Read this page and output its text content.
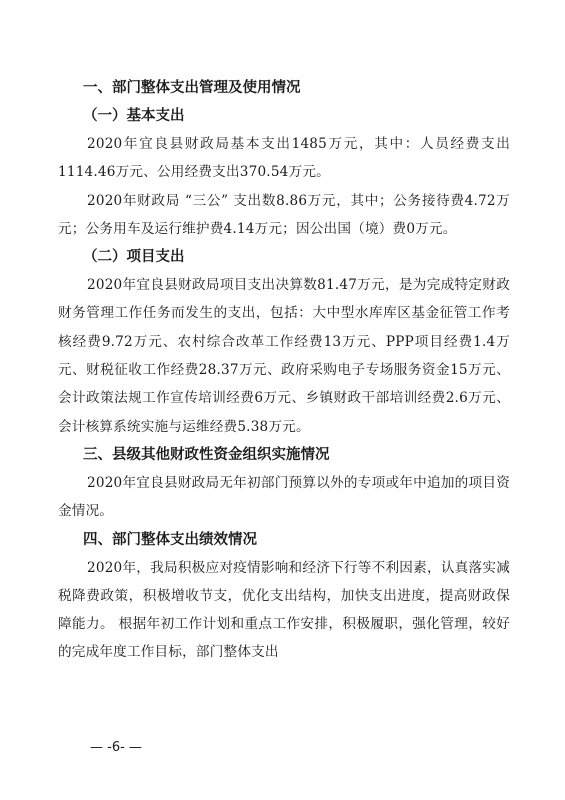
一、部门整体支出管理及使用情况
（一）基本支出

2020年宜良县财政局基本支出1485万元，其中：人员经费支出1114.46万元、公用经费支出370.54万元。

2020年财政局 “三公” 支出数8.86万元，其中；公务接待费4.72万元；公务用车及运行维护费4.14万元；因公出国（境）费0万元。

（二）项目支出

2020年宜良县财政局项目支出决算数81.47万元，是为完成特定财政财务管理工作任务而发生的支出，包括：大中型水库库区基金征管工作考核经费9.72万元、农村综合改革工作经费13万元、PPP项目经费1.4万元、财税征收工作经费28.37万元、政府采购电子专场服务资金15万元、会计政策法规工作宣传培训经费6万元、乡镇财政干部培训经费2.6万元、会计核算系统实施与运维经费5.38万元。

三、县级其他财政性资金组织实施情况

2020年宜良县财政局无年初部门预算以外的专项或年中追加的项目资金情况。

四、部门整体支出绩效情况

2020年，我局积极应对疫情影响和经济下行等不利因素，认真落实减税降费政策，积极增收节支，优化支出结构，加快支出进度，提高财政保障能力。 根据年初工作计划和重点工作安排，积极履职，强化管理，较好的完成年度工作目标，部门整体支出

— -6- —
